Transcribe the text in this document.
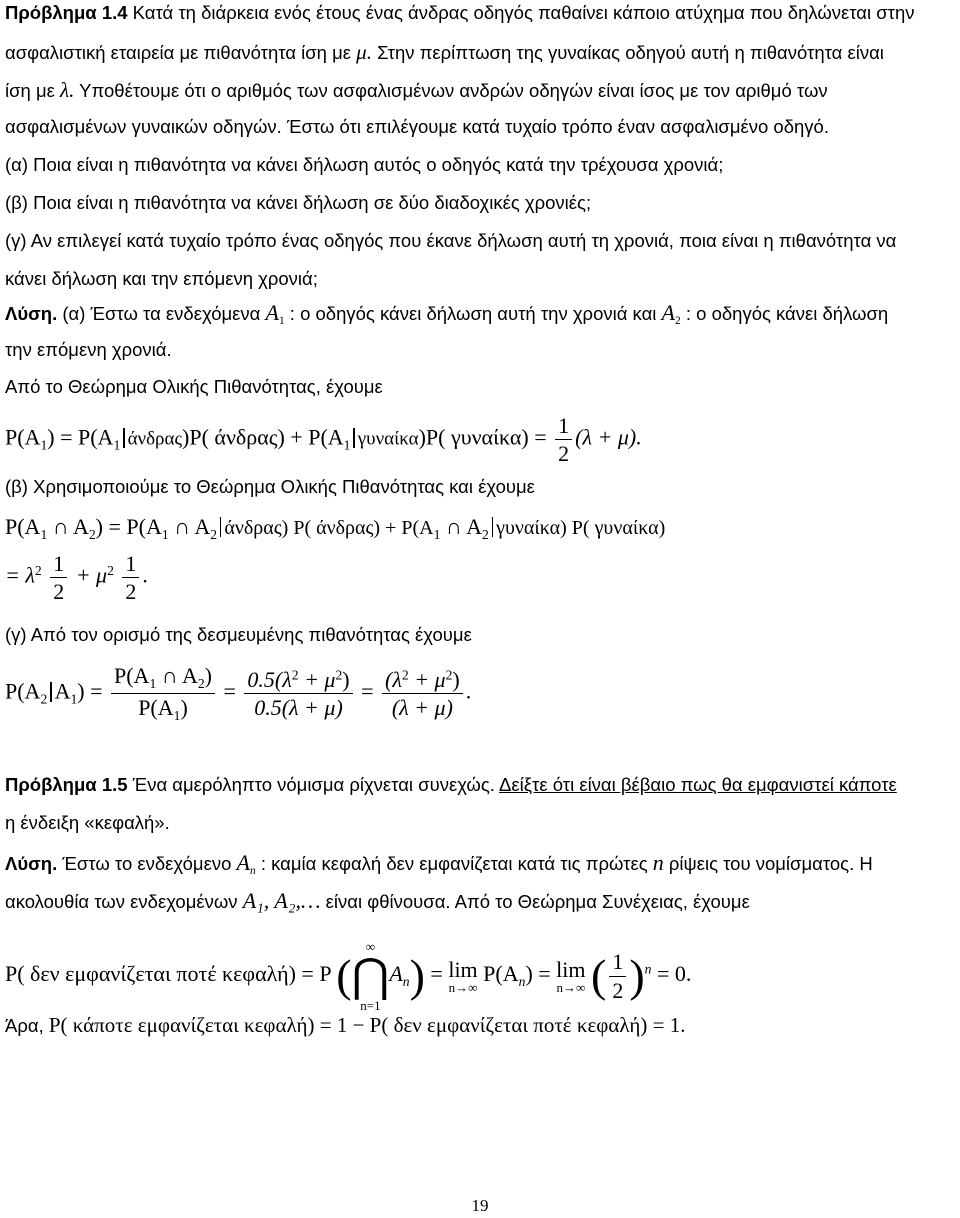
Πρόβλημα 1.4 Κατά τη διάρκεια ενός έτους ένας άνδρας οδηγός παθαίνει κάποιο ατύχημα που δηλώνεται στην
ασφαλιστική εταιρεία με πιθανότητα ίση με μ. Στην περίπτωση της γυναίκας οδηγού αυτή η πιθανότητα είναι
ίση με λ. Υποθέτουμε ότι ο αριθμός των ασφαλισμένων ανδρών οδηγών είναι ίσος με τον αριθμό των
ασφαλισμένων γυναικών οδηγών. Έστω ότι επιλέγουμε κατά τυχαίο τρόπο έναν ασφαλισμένο οδηγό.
(α) Ποια είναι η πιθανότητα να κάνει δήλωση αυτός ο οδηγός κατά την τρέχουσα χρονιά;
(β) Ποια είναι η πιθανότητα να κάνει δήλωση σε δύο διαδοχικές χρονιές;
(γ) Αν επιλεγεί κατά τυχαίο τρόπο ένας οδηγός που έκανε δήλωση αυτή τη χρονιά, ποια είναι η πιθανότητα να
κάνει δήλωση και την επόμενη χρονιά;
Λύση. (α) Έστω τα ενδεχόμενα $A_1$ : ο οδηγός κάνει δήλωση αυτή την χρονιά και $A_2$ : ο οδηγός κάνει δήλωση
την επόμενη χρονιά.
Από το Θεώρημα Ολικής Πιθανότητας, έχουμε
$P(A_1) = P(A_1$ άνδρας)P( $ά\nu\delta\rho\alpha\varsigma) + P(A_1$ γυναίκα)P( $\gamma\upsilon\nu\alpha ί\kappa\alpha) = \frac{1}{2} (\lambda + \mu)$.
(β) Χρησιμοποιούμε το Θεώρημα Ολικής Πιθανότητας και έχουμε
$P(A_1$ ∩ $A_2) = P(A_1$ ∩ $A_2$ άνδρας) P( $ά\nu\delta\rho\alpha\varsigma) + P(A_1$ ∩ $A_2$ γυναίκα) P( γυναίκα)
= $\lambda^2 \frac{1}{2} + \mu^2 \frac{1}{2}$ .
(γ) Από τον ορισμό της δεσμευμένης πιθανότητας έχουμε
$P(A_2$ $A_1) = \frac{P(A_1 \cap A_2)}{P(A_1)} = \frac{0.5(\lambda^2 + \mu^2)}{0.5(\lambda + \mu)} = \frac{(\lambda^2 + \mu^2)}{(\lambda + \mu)}$ .
Πρόβλημα 1.5 Ένα αμερόληπτο νόμισμα ρίχνεται συνεχώς. Δείξτε ότι είναι βέβαιο πως θα εμφανιστεί κάποτε
η ένδειξη «κεφαλή».
Λύση. Έστω το ενδεχόμενο $A_n$ : καμία κεφαλή δεν εμφανίζεται κατά τις πρώτες n ρίψεις του νομίσματος. Η
ακολουθία των ενδεχομένων A₁, A₂,… είναι φθίνουσα. Από το Θεώρημα Συνέχειας, έχουμε
P( δεν εμφανίζεται ποτέ κεφαλή) = P (
∞
⋂
n=1
$A_n) = \lim$
n→∞
$P(A_n) = \lim$
n→∞ ( $\frac{1}{2} )^n = 0$.
Άρα, P( κάποτε εμφανίζεται κεφαλή) = 1 − P( δεν εμφανίζεται ποτέ κεφαλή) = 1.
19
